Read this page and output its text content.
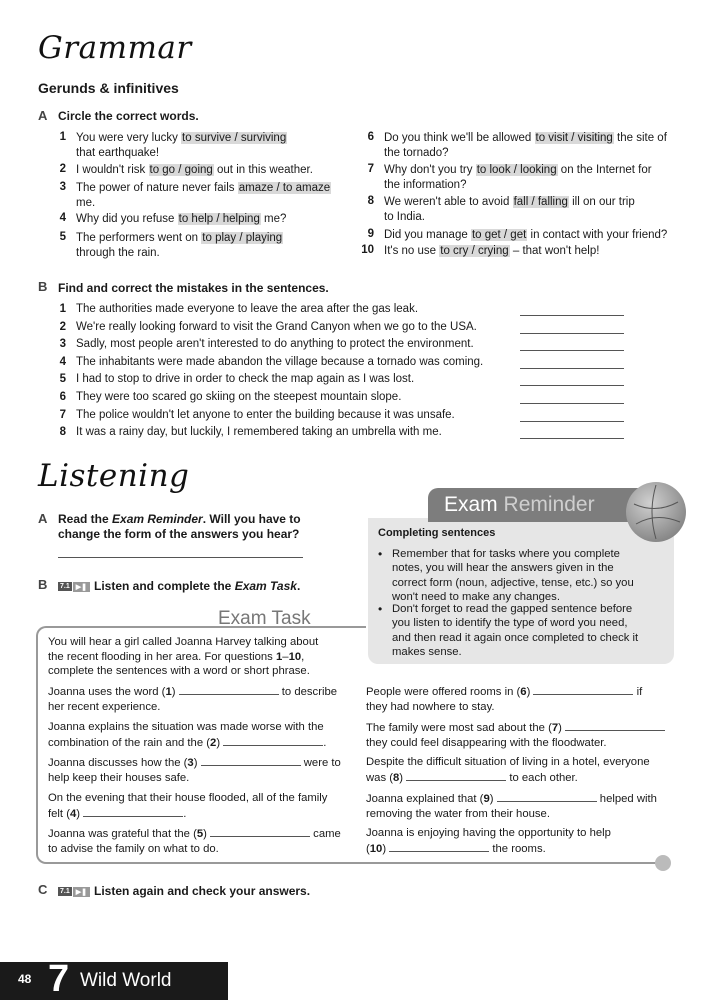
Grammar
Gerunds & infinitives
A Circle the correct words.
B Find and correct the mistakes in the sentences.
Listening
A Read the Exam Reminder. Will you have to
change the form of the answers you hear?
B 7.1 ▶❚ Listen and complete the Exam Task.
Exam Reminder
Completing sentences
Exam Task
You will hear a girl called Joanna Harvey talking about
the recent flooding in her area. For questions 1–10,
complete the sentences with a word or short phrase.
C 7.1 ▶❚ Listen again and check your answers.
48 7 Wild World
1 You were very lucky to survive / surviving
that earthquake!
2 I wouldn't risk to go / going out in this weather.
3 The power of nature never fails amaze / to amaze
me.
4 Why did you refuse to help / helping me?
5 The performers went on to play / playing
through the rain.
6 Do you think we'll be allowed to visit / visiting the site of
the tornado?
7 Why don't you try to look / looking on the Internet for
the information?
8 We weren't able to avoid fall / falling ill on our trip
to India.
9 Did you manage to get / get in contact with your friend?
10 It's no use to cry / crying – that won't help!
1 The authorities made everyone to leave the area after the gas leak.
2 We're really looking forward to visit the Grand Canyon when we go to the USA.
3 Sadly, most people aren't interested to do anything to protect the environment.
4 The inhabitants were made abandon the village because a tornado was coming.
5 I had to stop to drive in order to check the map again as I was lost.
6 They were too scared go skiing on the steepest mountain slope.
7 The police wouldn't let anyone to enter the building because it was unsafe.
8 It was a rainy day, but luckily, I remembered taking an umbrella with me.
• Remember that for tasks where you complete
notes, you will hear the answers given in the
correct form (noun, adjective, tense, etc.) so you
won't need to make any changes.
• Don't forget to read the gapped sentence before
you listen to identify the type of word you need,
and then read it again once completed to check it
makes sense.
Joanna uses the word (1)	to describe
her recent experience.
Joanna explains the situation was made worse with the
combination of the rain and the (2)	.
Joanna discusses how the (3)	were to
help keep their houses safe.
On the evening that their house flooded, all of the family
felt (4)	.
Joanna was grateful that the (5)	came
to advise the family on what to do.
People were offered rooms in (6)	if
they had nowhere to stay.
The family were most sad about the (7)
they could feel disappearing with the floodwater.
Despite the difficult situation of living in a hotel, everyone
was (8)	to each other.
Joanna explained that (9)	helped with
removing the water from their house.
Joanna is enjoying having the opportunity to help
(10)	the rooms.
